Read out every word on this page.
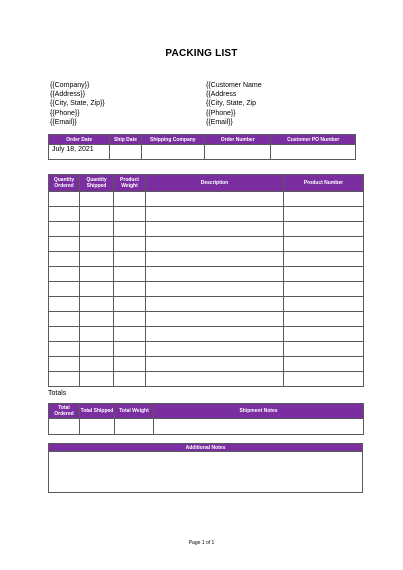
PACKING LIST
{{Company}}
{{Address}}
{{City, State, Zip}}
{{Phone}}
{{Email}}
{{Customer Name
{{Address
{{City, State, Zip
{{Phone}}
{{Email}}
Order Date	Ship Date	Shipping Company	Order Number	Customer PO Number
July 18, 2021				
Quantity Ordered	Quantity Shipped	Product Weight	Description	Product Number

Totals
Total Ordered	Total Shipped	Total Weight	Shipment Notes

Additional Notes

Page 1 of 1
